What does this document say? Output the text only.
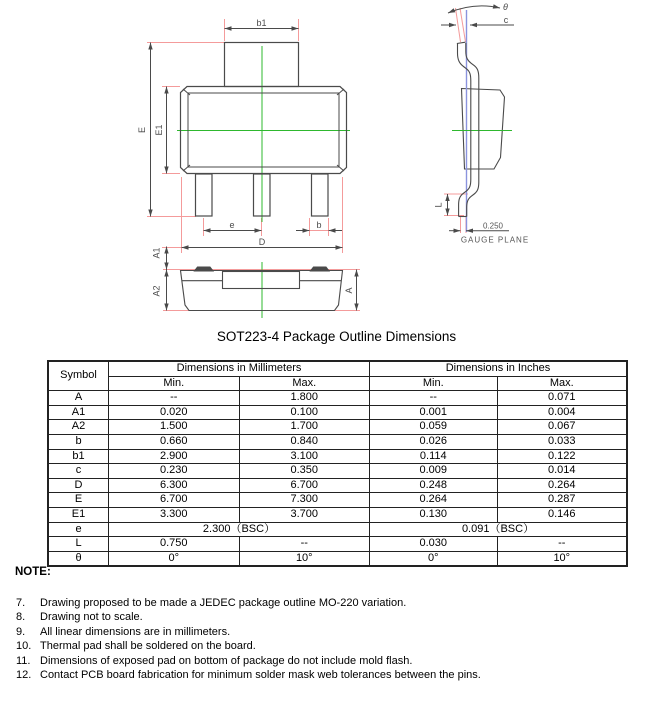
b1
E E1
e	b
D
A1
A2	A
θ
c
L
0.250
GAUGE PLANE
SOT223-4 Package Outline Dimensions
Symbol	Dimensions in Millimeters		Dimensions in Inches	
	Min.	Max.	Min.	Max.
A	--	1.800	--	0.071
A1	0.020	0.100	0.001	0.004
A2	1.500	1.700	0.059	0.067
b	0.660	0.840	0.026	0.033
b1	2.900	3.100	0.114	0.122
c	0.230	0.350	0.009	0.014
D	6.300	6.700	0.248	0.264
E	6.700	7.300	0.264	0.287
E1	3.300	3.700	0.130	0.146
e	2.300（BSC）		0.091（BSC）	
L	0.750	--	0.030	--
θ	0°	10°	0°	10°
NOTE:
7.	Drawing proposed to be made a JEDEC package outline MO-220 variation.
8.	Drawing not to scale.
9.	All linear dimensions are in millimeters.
10. Thermal pad shall be soldered on the board.
11. Dimensions of exposed pad on bottom of package do not include mold flash.
12. Contact PCB board fabrication for minimum solder mask web tolerances between the pins.
